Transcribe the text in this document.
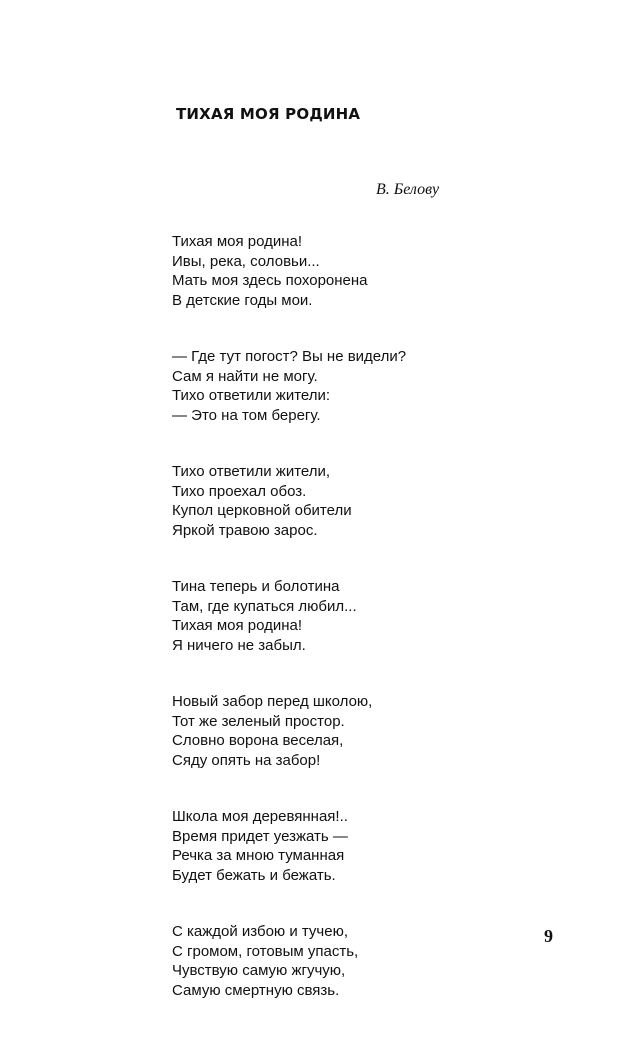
ТИХАЯ МОЯ РОДИНА
В. Белову
Тихая моя родина!
Ивы, река, соловьи...
Мать моя здесь похоронена
В детские годы мои.
— Где тут погост? Вы не видели?
Сам я найти не могу.
Тихо ответили жители:
— Это на том берегу.
Тихо ответили жители,
Тихо проехал обоз.
Купол церковной обители
Яркой травою зарос.
Тина теперь и болотина
Там, где купаться любил...
Тихая моя родина!
Я ничего не забыл.
Новый забор перед школою,
Тот же зеленый простор.
Словно ворона веселая,
Сяду опять на забор!
Школа моя деревянная!..
Время придет уезжать —
Речка за мною туманная
Будет бежать и бежать.
С каждой избою и тучею,
С громом, готовым упасть,
Чувствую самую жгучую,
Самую смертную связь.
9
